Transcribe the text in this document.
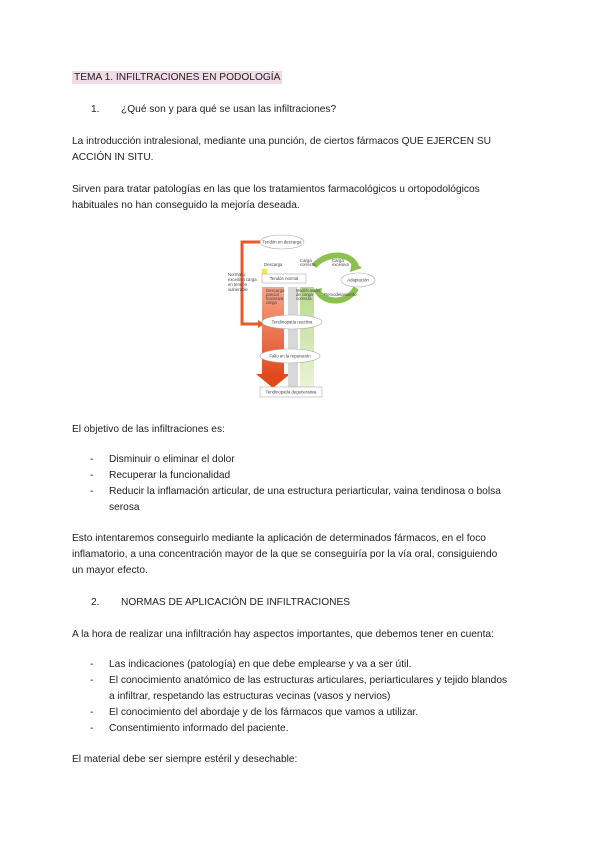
TEMA 1. INFILTRACIONES EN PODOLOGÍA
1. ¿Qué son y para qué se usan las infiltraciones?
La introducción intralesional, mediante una punción, de ciertos fármacos QUE EJERCEN SU
ACCIÓN IN SITU.
Sirven para tratar patologías en las que los tratamientos farmacológicos u ortopodológicos
habituales no han conseguido la mejoría deseada.
Tendón en descarga
Descarga
Carga
correcta
Carga
excesiva
Tendón normal	Adaptación
Normal o
excesiva carga
en tendón
vulnerable	Descarga
parcial
Excesiva
carga
Modificación
de carga
correcta
Remodelamiento
Tendinopatía reactiva
Fallo en la reparación
Tendinopatía degenerativa
El objetivo de las infiltraciones es:
- Disminuir o eliminar el dolor
- Recuperar la funcionalidad
- Reducir la inflamación articular, de una estructura periarticular, vaina tendinosa o bolsa
serosa
Esto intentaremos conseguirlo mediante la aplicación de determinados fármacos, en el foco
inflamatorio, a una concentración mayor de la que se conseguiría por la vía oral, consiguiendo
un mayor efecto.
2. NORMAS DE APLICACIÓN DE INFILTRACIONES
A la hora de realizar una infiltración hay aspectos importantes, que debemos tener en cuenta:
- Las indicaciones (patología) en que debe emplearse y va a ser útil.
- El conocimiento anatómico de las estructuras articulares, periarticulares y tejido blandos
a infiltrar, respetando las estructuras vecinas (vasos y nervios)
- El conocimiento del abordaje y de los fármacos que vamos a utilizar.
- Consentimiento informado del paciente.
El material debe ser siempre estéril y desechable:
